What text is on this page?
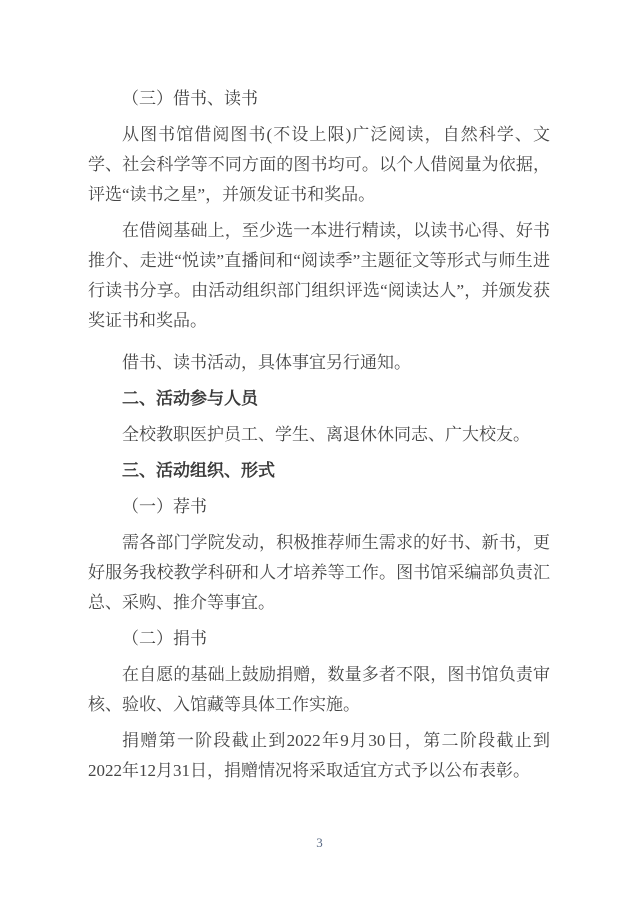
（三）借书、读书

从图书馆借阅图书(不设上限)广泛阅读，自然科学、文学、社会科学等不同方面的图书均可。以个人借阅量为依据，评选“读书之星”，并颁发证书和奖品。

在借阅基础上，至少选一本进行精读，以读书心得、好书推介、走进“悦读”直播间和“阅读季”主题征文等形式与师生进行读书分享。由活动组织部门组织评选“阅读达人”，并颁发获奖证书和奖品。

借书、读书活动，具体事宜另行通知。

二、活动参与人员

全校教职医护员工、学生、离退休休同志、广大校友。

三、活动组织、形式

（一）荐书

需各部门学院发动，积极推荐师生需求的好书、新书，更好服务我校教学科研和人才培养等工作。图书馆采编部负责汇总、采购、推介等事宜。

（二）捐书

在自愿的基础上鼓励捐赠，数量多者不限，图书馆负责审核、验收、入馆藏等具体工作实施。

捐赠第一阶段截止到2022年9月30日，第二阶段截止到2022年12月31日，捐赠情况将采取适宜方式予以公布表彰。

3
